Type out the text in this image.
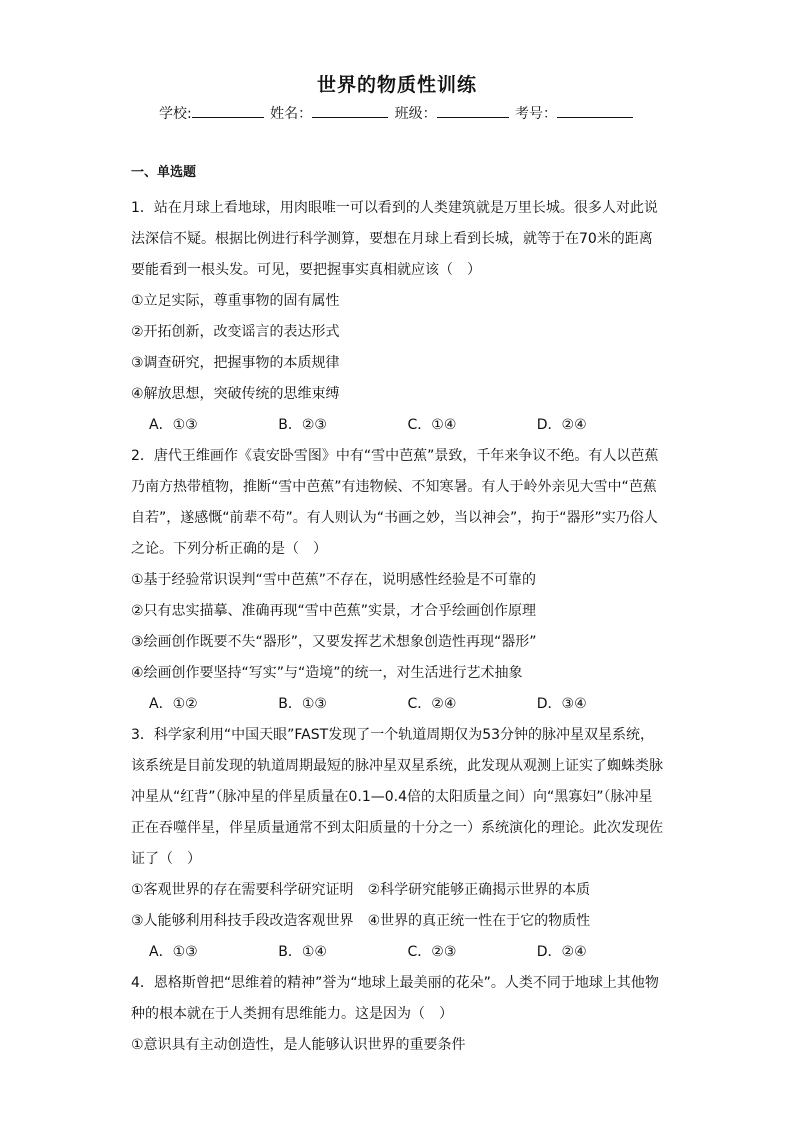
世界的物质性训练
学校:	姓名：	班级：	考号：
一、单选题
1．站在月球上看地球，用肉眼唯一可以看到的人类建筑就是万里长城。很多人对此说法深信不疑。根据比例进行科学测算，要想在月球上看到长城，就等于在70米的距离要能看到一根头发。可见，要把握事实真相就应该（　）
①立足实际，尊重事物的固有属性
②开拓创新，改变谣言的表达形式
③调查研究，把握事物的本质规律
④解放思想，突破传统的思维束缚
A．①③	B．②③	C．①④	D．②④
2．唐代王维画作《袁安卧雪图》中有“雪中芭蕉”景致，千年来争议不绝。有人以芭蕉乃南方热带植物，推断“雪中芭蕉”有违物候、不知寒暑。有人于岭外亲见大雪中“芭蕉自若”，遂感慨“前辈不苟”。有人则认为“书画之妙，当以神会”，拘于“器形”实乃俗人之论。下列分析正确的是（　）
①基于经验常识误判“雪中芭蕉”不存在，说明感性经验是不可靠的
②只有忠实描摹、准确再现“雪中芭蕉”实景，才合乎绘画创作原理
③绘画创作既要不失“器形”，又要发挥艺术想象创造性再现“器形”
④绘画创作要坚持“写实”与“造境”的统一，对生活进行艺术抽象
A．①②	B．①③	C．②④	D．③④
3．科学家利用“中国天眼”FAST发现了一个轨道周期仅为53分钟的脉冲星双星系统，该系统是目前发现的轨道周期最短的脉冲星双星系统，此发现从观测上证实了蜘蛛类脉冲星从“红背”（脉冲星的伴星质量在0.1—0.4倍的太阳质量之间）向“黑寡妇”（脉冲星正在吞噬伴星，伴星质量通常不到太阳质量的十分之一）系统演化的理论。此次发现佐证了（　）
①客观世界的存在需要科学研究证明 ②科学研究能够正确揭示世界的本质
③人能够利用科技手段改造客观世界 ④世界的真正统一性在于它的物质性
A．①③	B．①④	C．②③	D．②④
4．恩格斯曾把“思维着的精神”誉为“地球上最美丽的花朵”。人类不同于地球上其他物种的根本就在于人类拥有思维能力。这是因为（　）
①意识具有主动创造性，是人能够认识世界的重要条件
